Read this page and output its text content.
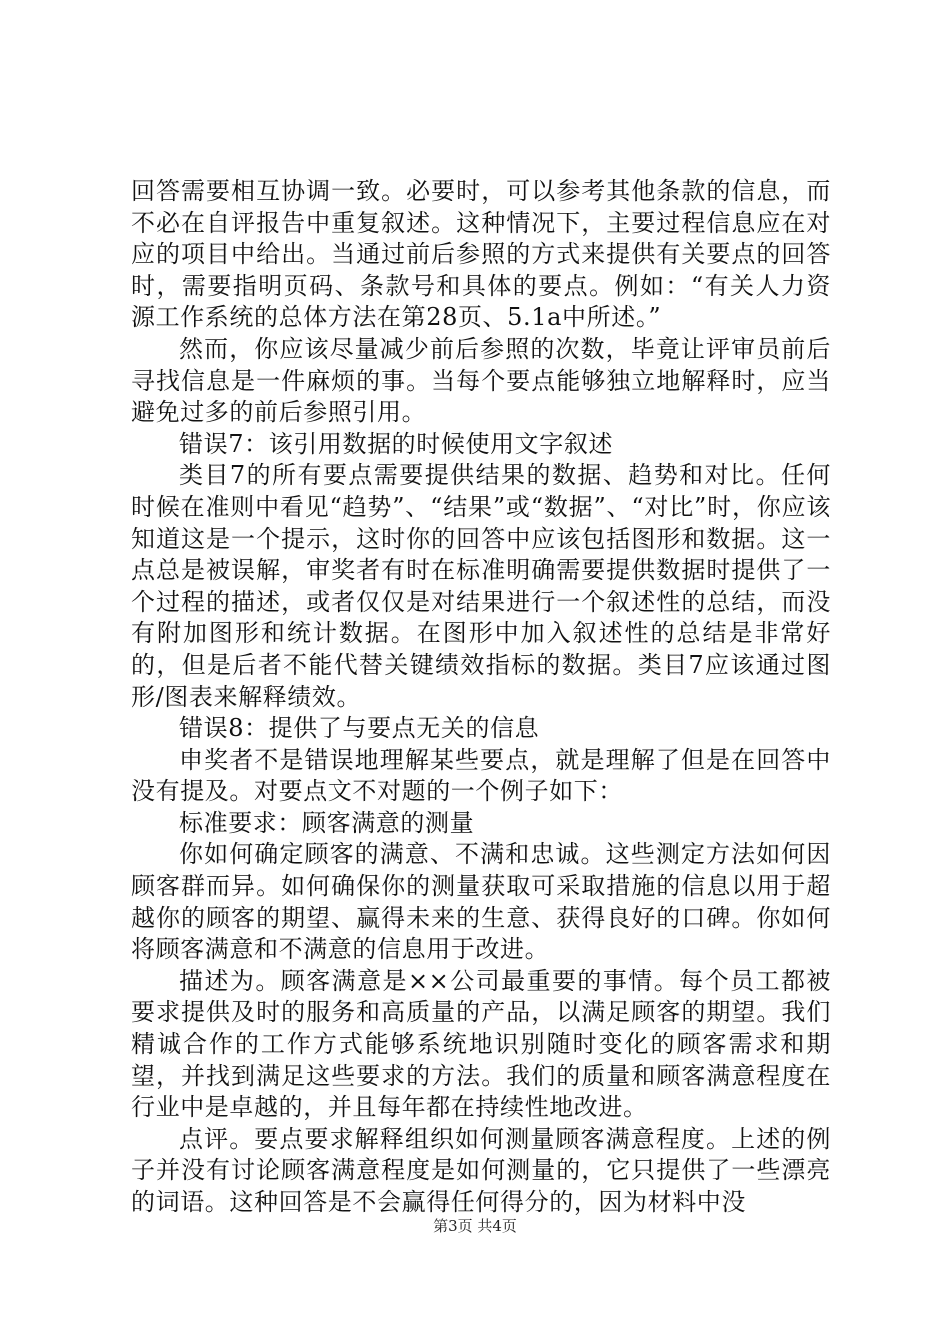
回答需要相互协调一致。必要时，可以参考其他条款的信息，而不必在自评报告中重复叙述。这种情况下，主要过程信息应在对应的项目中给出。当通过前后参照的方式来提供有关要点的回答时，需要指明页码、条款号和具体的要点。例如：“有关人力资源工作系统的总体方法在第28页、5.1a中所述。”

然而，你应该尽量减少前后参照的次数，毕竟让评审员前后寻找信息是一件麻烦的事。当每个要点能够独立地解释时，应当避免过多的前后参照引用。

错误7：该引用数据的时候使用文字叙述

类目7的所有要点需要提供结果的数据、趋势和对比。任何时候在准则中看见“趋势”、“结果”或“数据”、“对比”时，你应该知道这是一个提示，这时你的回答中应该包括图形和数据。这一点总是被误解，审奖者有时在标准明确需要提供数据时提供了一个过程的描述，或者仅仅是对结果进行一个叙述性的总结，而没有附加图形和统计数据。在图形中加入叙述性的总结是非常好的，但是后者不能代替关键绩效指标的数据。类目7应该通过图形/图表来解释绩效。

错误8：提供了与要点无关的信息

申奖者不是错误地理解某些要点，就是理解了但是在回答中没有提及。对要点文不对题的一个例子如下：

标准要求：顾客满意的测量

你如何确定顾客的满意、不满和忠诚。这些测定方法如何因顾客群而异。如何确保你的测量获取可采取措施的信息以用于超越你的顾客的期望、赢得未来的生意、获得良好的口碑。你如何将顾客满意和不满意的信息用于改进。

描述为。顾客满意是××公司最重要的事情。每个员工都被要求提供及时的服务和高质量的产品，以满足顾客的期望。我们精诚合作的工作方式能够系统地识别随时变化的顾客需求和期望，并找到满足这些要求的方法。我们的质量和顾客满意程度在行业中是卓越的，并且每年都在持续性地改进。

点评。要点要求解释组织如何测量顾客满意程度。上述的例子并没有讨论顾客满意程度是如何测量的，它只提供了一些漂亮的词语。这种回答是不会赢得任何得分的，因为材料中没

第3页 共4页
